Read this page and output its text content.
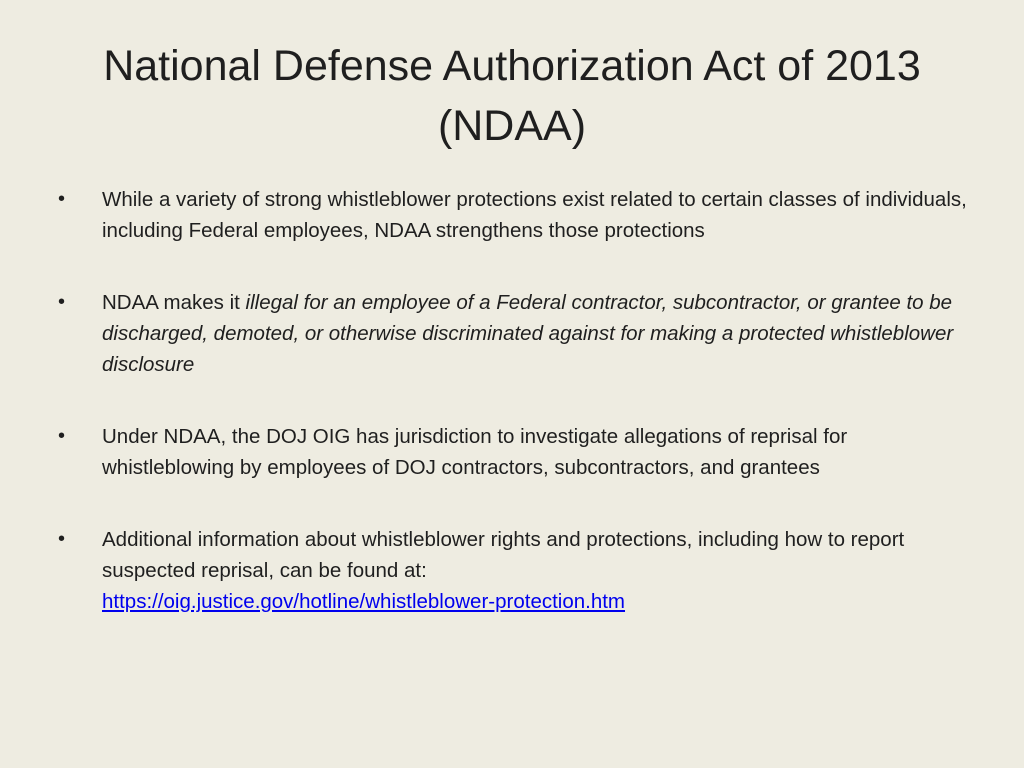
National Defense Authorization Act of 2013
(NDAA)
•	While a variety of strong whistleblower protections exist related to certain classes of individuals, including Federal employees, NDAA strengthens those protections
•	NDAA makes it illegal for an employee of a Federal contractor, subcontractor, or grantee to be discharged, demoted, or otherwise discriminated against for making a protected whistleblower disclosure
•	Under NDAA, the DOJ OIG has jurisdiction to investigate allegations of reprisal for whistleblowing by employees of DOJ contractors, subcontractors, and grantees
•	Additional information about whistleblower rights and protections, including how to report suspected reprisal, can be found at:
https://oig.justice.gov/hotline/whistleblower-protection.htm
